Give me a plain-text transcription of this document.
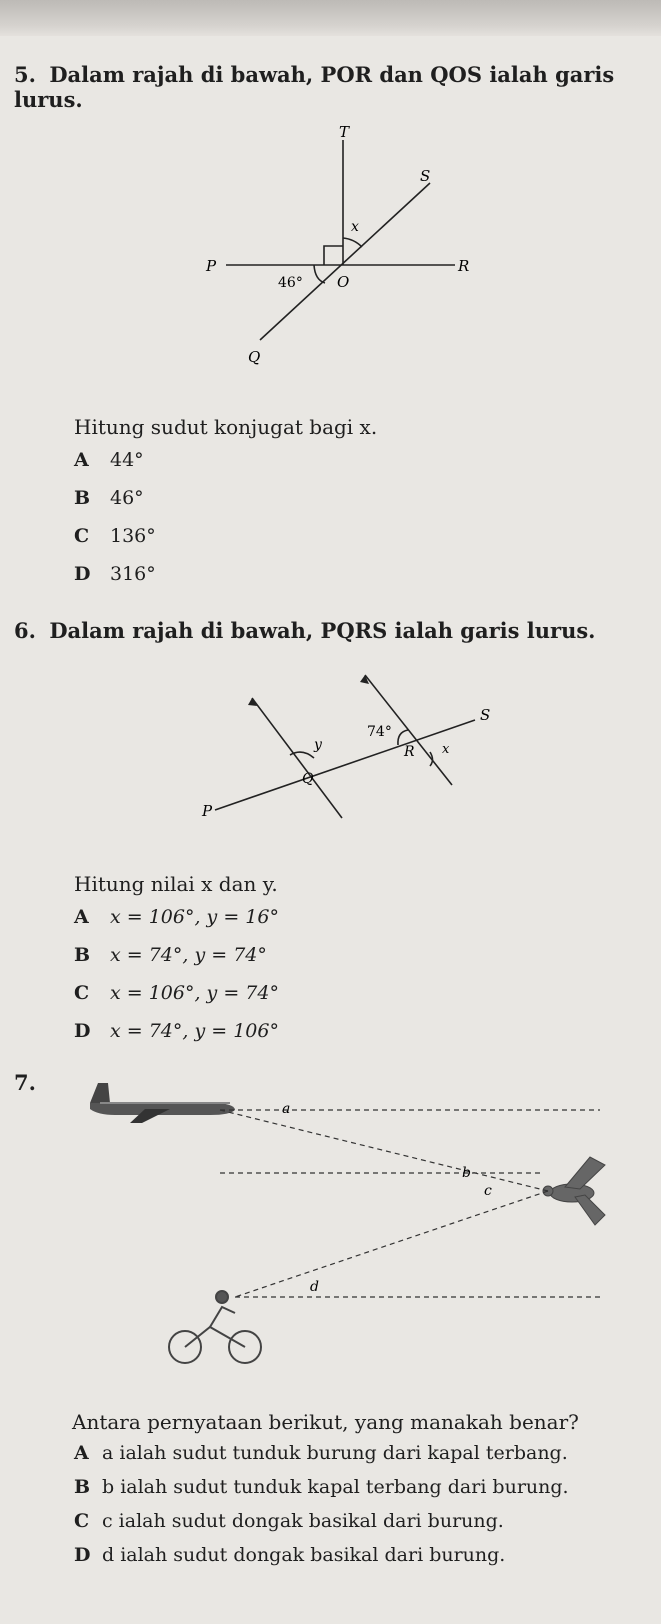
5. Dalam rajah di bawah, POR dan QOS ialah garis lurus.

T
S
x
P	R
O
46°
Q

Hitung sudut konjugat bagi x.

A 44°
B 46°
C 136°
D 316°

6. Dalam rajah di bawah, PQRS ialah garis lurus.

S
74°
y	R x
Q
P

Hitung nilai x dan y.

A x = 106°, y = 16°
B x = 74°, y = 74°
C x = 106°, y = 74°
D x = 74°, y = 106°

7.

a
b
c
d

Antara pernyataan berikut, yang manakah benar?

A a ialah sudut tunduk burung dari kapal terbang.
B b ialah sudut tunduk kapal terbang dari burung.
C c ialah sudut dongak basikal dari burung.
D d ialah sudut dongak basikal dari burung.
